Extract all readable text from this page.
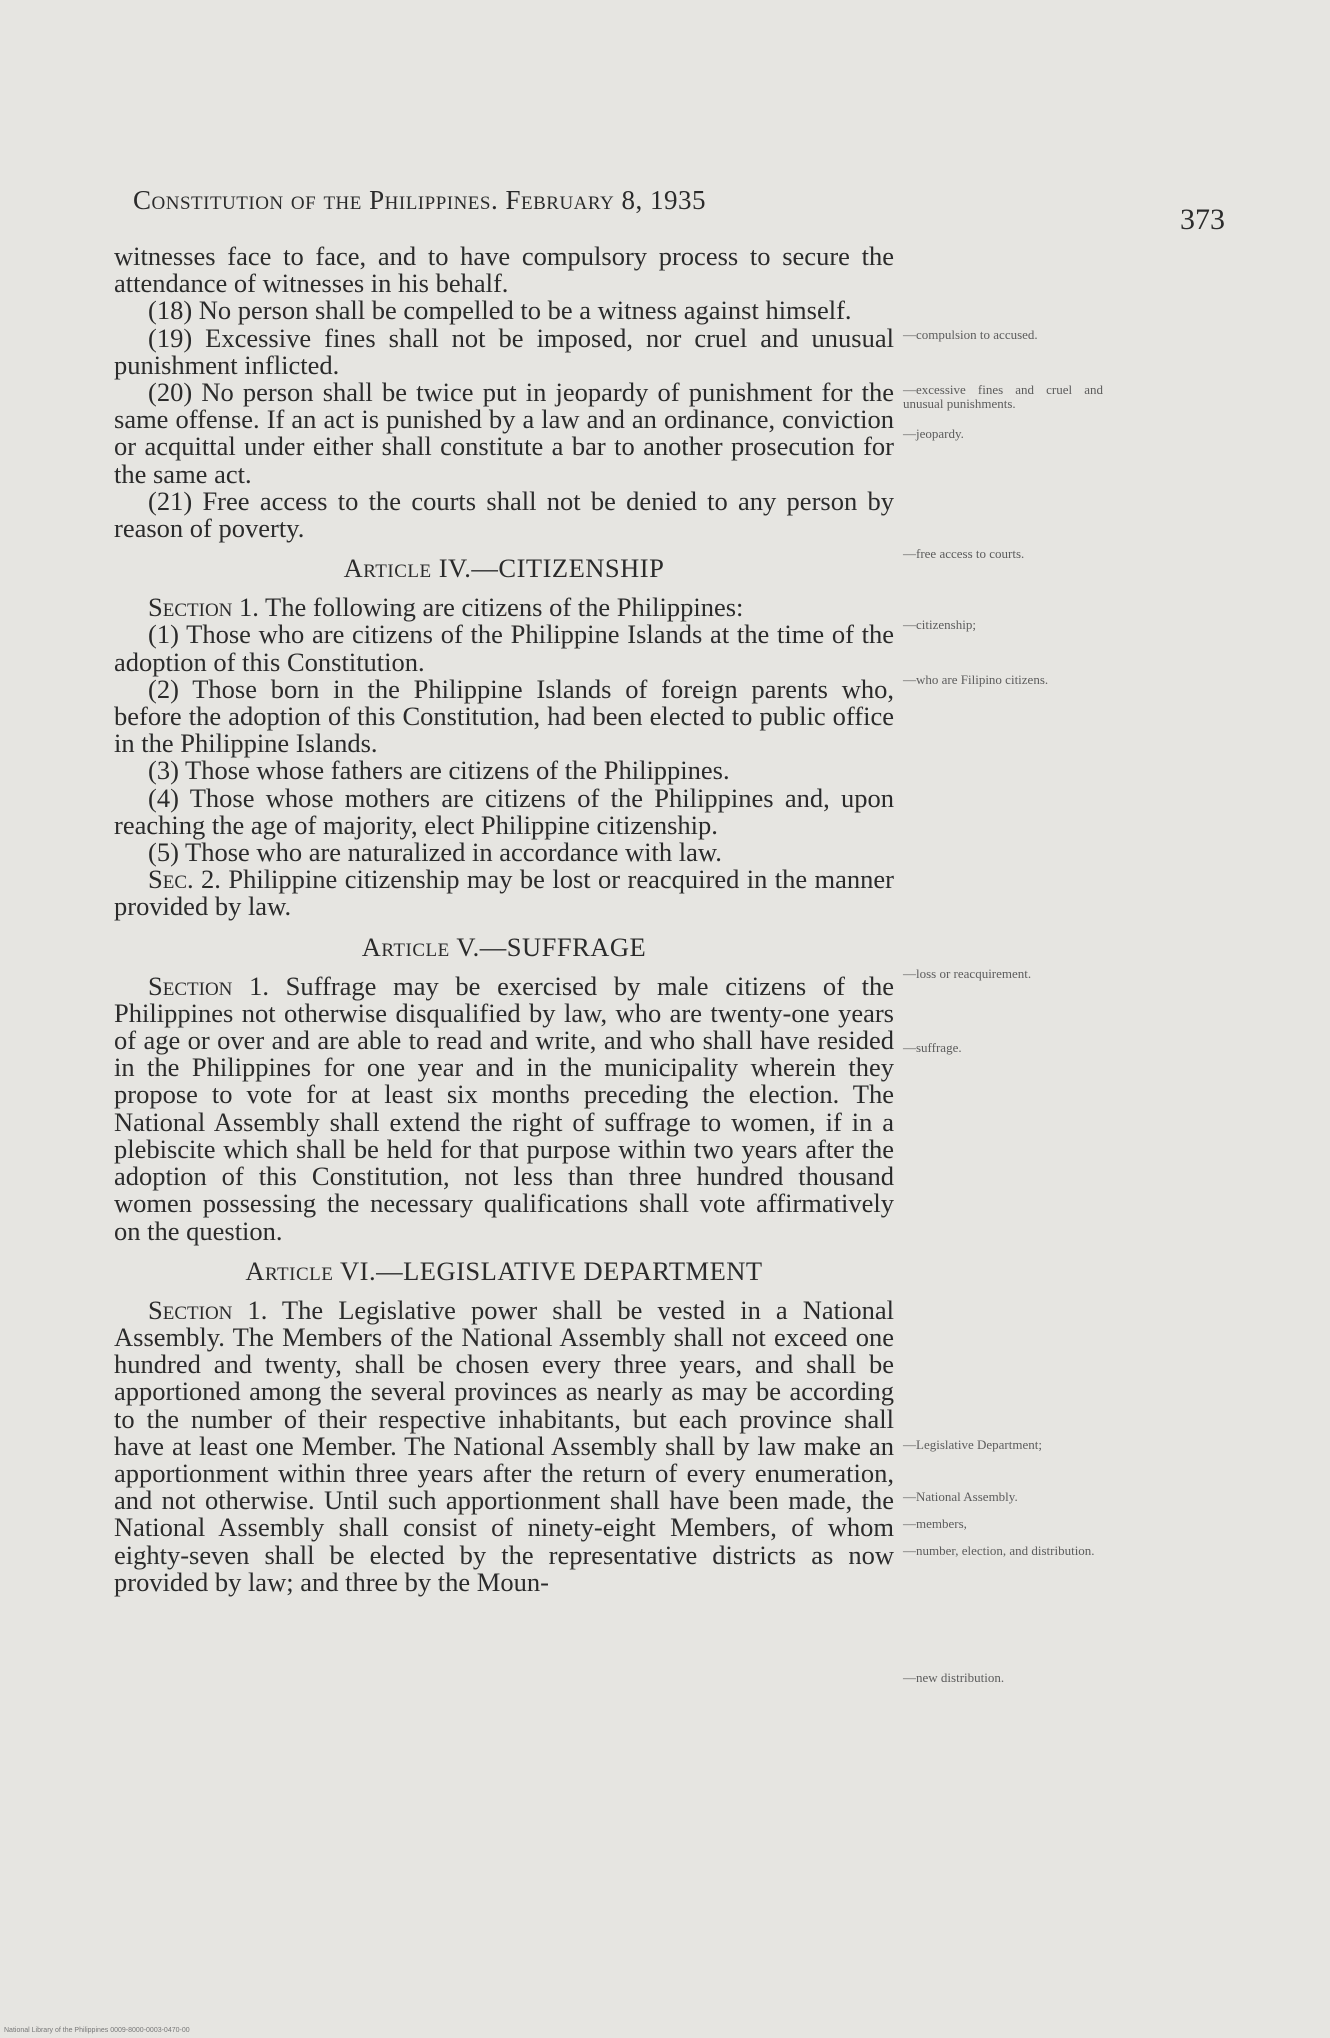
Constitution of the Philippines. February 8, 1935
373

witnesses face to face, and to have compulsory process to secure the attendance of witnesses in his behalf.

(18) No person shall be compelled to be a witness against himself.

(19) Excessive fines shall not be imposed, nor cruel and unusual punishment inflicted.

(20) No person shall be twice put in jeopardy of punishment for the same offense. If an act is punished by a law and an ordinance, conviction or acquittal under either shall constitute a bar to another prosecution for the same act.

(21) Free access to the courts shall not be denied to any person by reason of poverty.

Article IV.—CITIZENSHIP

Section 1. The following are citizens of the Philippines:

(1) Those who are citizens of the Philippine Islands at the time of the adoption of this Constitution.

(2) Those born in the Philippine Islands of foreign parents who, before the adoption of this Constitution, had been elected to public office in the Philippine Islands.

(3) Those whose fathers are citizens of the Philippines.

(4) Those whose mothers are citizens of the Philippines and, upon reaching the age of majority, elect Philippine citizenship.

(5) Those who are naturalized in accordance with law.

Sec. 2. Philippine citizenship may be lost or reacquired in the manner provided by law.

Article V.—SUFFRAGE

Section 1. Suffrage may be exercised by male citizens of the Philippines not otherwise disqualified by law, who are twenty-one years of age or over and are able to read and write, and who shall have resided in the Philippines for one year and in the municipality wherein they propose to vote for at least six months preceding the election. The National Assembly shall extend the right of suffrage to women, if in a plebiscite which shall be held for that purpose within two years after the adoption of this Constitution, not less than three hundred thousand women possessing the necessary qualifications shall vote affirmatively on the question.

Article VI.—LEGISLATIVE DEPARTMENT

Section 1. The Legislative power shall be vested in a National Assembly. The Members of the National Assembly shall not exceed one hundred and twenty, shall be chosen every three years, and shall be apportioned among the several provinces as nearly as may be according to the number of their respective inhabitants, but each province shall have at least one Member. The National Assembly shall by law make an apportionment within three years after the return of every enumeration, and not otherwise. Until such apportionment shall have been made, the National Assembly shall consist of ninety-eight Members, of whom eighty-seven shall be elected by the representative districts as now provided by law; and three by the Moun-

—compulsion to accused.
—excessive fines and cruel and unusual punishments.
—jeopardy.
—free access to courts.
—citizenship;
—who are Filipino citizens.
—loss or reacquirement.
—suffrage.
—Legislative Department;
—National Assembly.
—members,
—number, election, and distribution.
—new distribution.
National Library of the Philippines 0009-8000-0003-0470-00
